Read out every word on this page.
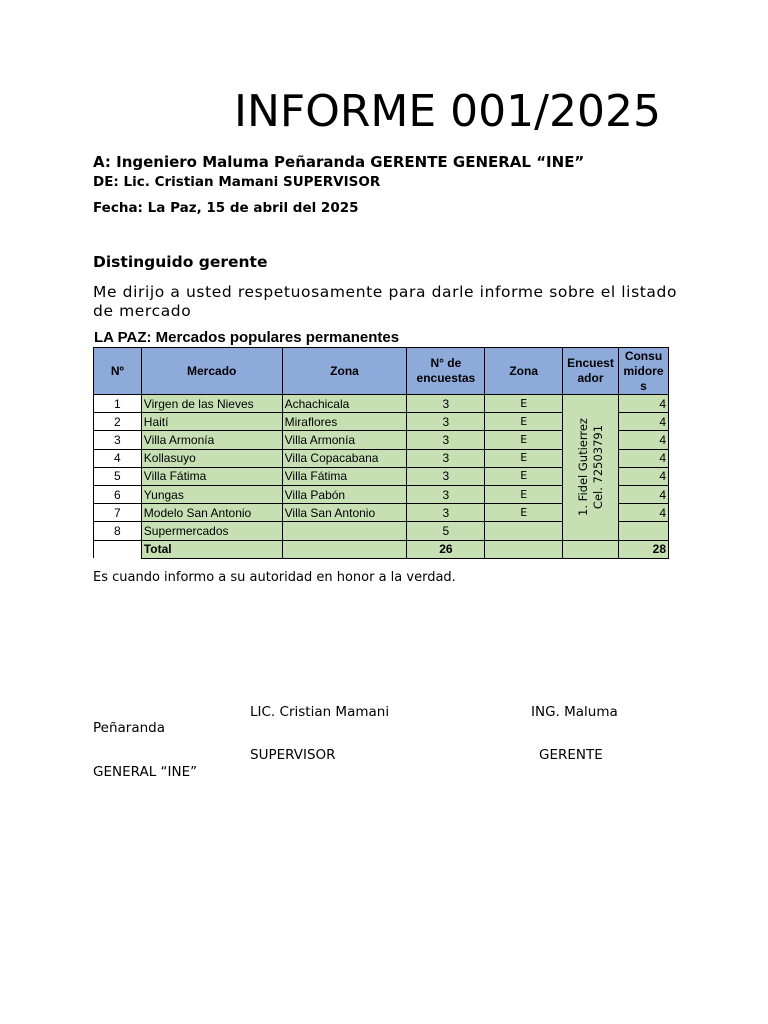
INFORME 001/2025
A: Ingeniero Maluma Peñaranda GERENTE GENERAL “INE”
DE: Lic. Cristian Mamani SUPERVISOR
Fecha: La Paz, 15 de abril del 2025
Distinguido gerente
Me dirijo a usted respetuosamente para darle informe sobre el listado de mercado
LA PAZ: Mercados populares permanentes
Nº	Mercado	Zona	N° de encuestas	Zona	Encuest ador	Consu midore s
1	Virgen de las Nieves	Achachicala	3	E	1. Fidel Gutierrez Cel. 72503791	4
2	Haití	Miraflores	3	E		4
3	Villa Armonía	Villa Armonía	3	E		4
4	Kollasuyo	Villa Copacabana	3	E		4
5	Villa Fátima	Villa Fátima	3	E		4
6	Yungas	Villa Pabón	3	E		4
7	Modelo San Antonio	Villa San Antonio	3	E		4
8	Supermercados		5			
	Total		26			28
Es cuando informo a su autoridad en honor a la verdad.
LIC. Cristian Mamani	ING. Maluma
Peñaranda
SUPERVISOR	GERENTE
GENERAL “INE”
